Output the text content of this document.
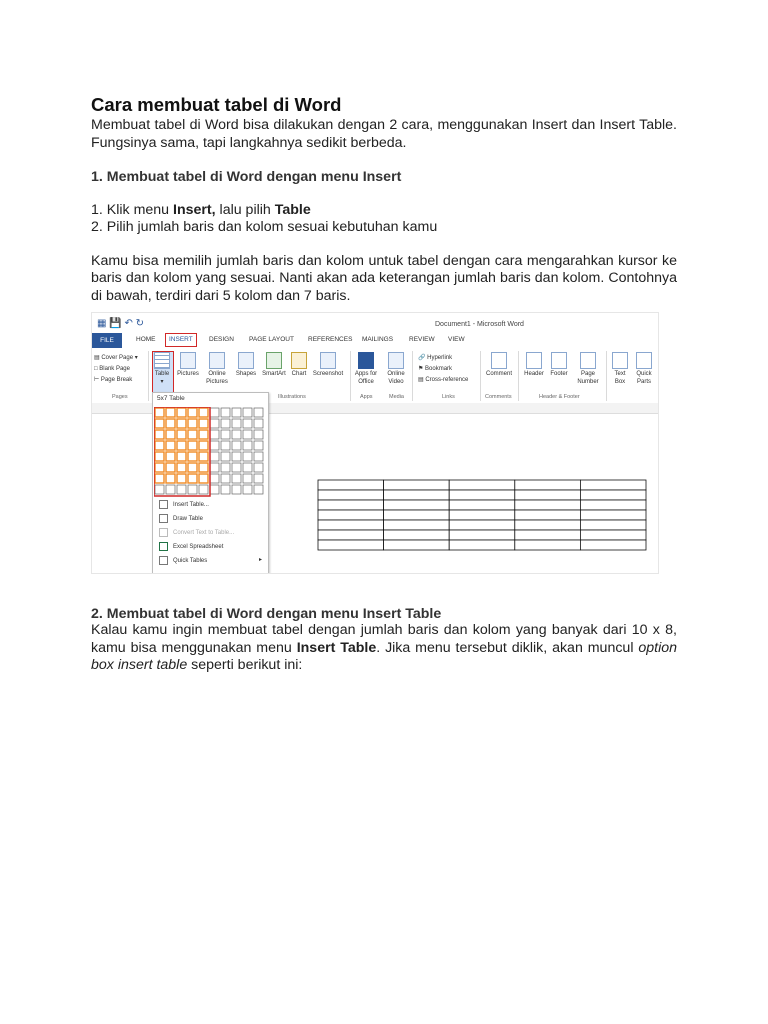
Cara membuat tabel di Word

Membuat tabel di Word bisa dilakukan dengan 2 cara, menggunakan Insert dan Insert Table. Fungsinya sama, tapi langkahnya sedikit berbeda.

1. Membuat tabel di Word dengan menu Insert

1. Klik menu Insert, lalu pilih Table

2. Pilih jumlah baris dan kolom sesuai kebutuhan kamu

Kamu bisa memilih jumlah baris dan kolom untuk tabel dengan cara mengarahkan kursor ke baris dan kolom yang sesuai. Nanti akan ada keterangan jumlah baris dan kolom. Contohnya di bawah, terdiri dari 5 kolom dan 7 baris.

▦ 💾 ↶ ↻	Document1 - Microsoft Word
FILE	HOME	INSERT	DESIGN PAGE LAYOUT REFERENCES MAILINGS REVIEW VIEW
▤ Cover Page ▾
□ Blank Page
⊢ Page Break
Table
▾
Pictures	Online Pictures
Shapes SmartArt Chart	Screenshot	Apps for Office
Online Video
🔗 Hyperlink
⚑ Bookmark
▤ Cross-reference
Comment	Header	Footer	Page Number
Text Box
Quick Parts
Pages	Illustrations	Apps	Media	Links	Comments	Header & Footer
5x7 Table
Insert Table...
Draw Table
Convert Text to Table...
Excel Spreadsheet
Quick Tables	▸
2. Membuat tabel di Word dengan menu Insert Table

Kalau kamu ingin membuat tabel dengan jumlah baris dan kolom yang banyak dari 10 x 8, kamu bisa menggunakan menu Insert Table. Jika menu tersebut diklik, akan muncul option box insert table seperti berikut ini:
